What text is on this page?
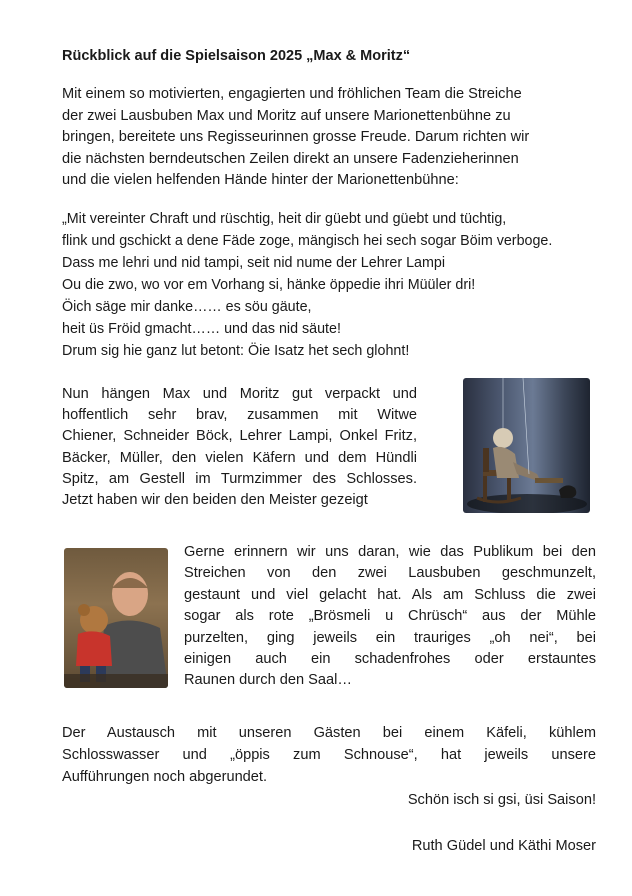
Rückblick auf die Spielsaison 2025 „Max & Moritz“
Mit einem so motivierten, engagierten und fröhlichen Team die Streiche
der zwei Lausbuben Max und Moritz auf unsere Marionettenbühne zu
bringen, bereitete uns Regisseurinnen grosse Freude. Darum richten wir
die nächsten berndeutschen Zeilen direkt an unsere Fadenzieherinnen
und die vielen helfenden Hände hinter der Marionettenbühne:
„Mit vereinter Chraft und rüschtig, heit dir güebt und güebt und tüchtig,
flink und gschickt a dene Fäde zoge, mängisch hei sech sogar Böim verboge.
Dass me lehri und nid tampi, seit nid nume der Lehrer Lampi
Ou die zwo, wo vor em Vorhang si, hänke öppedie ihri Müüler dri!
Öich säge mir danke…… es söu gäute,
heit üs Fröid gmacht…… und das nid säute!
Drum sig hie ganz lut betont: Öie Isatz het sech glohnt!
Nun hängen Max und Moritz gut verpackt und
hoffentlich sehr brav, zusammen mit Witwe
Chiener, Schneider Böck, Lehrer Lampi, Onkel Fritz,
Bäcker, Müller, den vielen Käfern und dem Hündli
Spitz, am Gestell im Turmzimmer des Schlosses.
Jetzt haben wir den beiden den Meister gezeigt
Gerne erinnern wir uns daran, wie das Publikum bei den
Streichen von den zwei Lausbuben geschmunzelt,
gestaunt und viel gelacht hat. Als am Schluss die zwei
sogar als rote „Brösmeli u Chrüsch“ aus der Mühle
purzelten, ging jeweils ein trauriges „oh nei“, bei
einigen auch ein schadenfrohes oder erstauntes
Raunen durch den Saal…
Der Austausch mit unseren Gästen bei einem Käfeli, kühlem
Schlosswasser und „öppis zum Schnouse“, hat jeweils unsere
Aufführungen noch abgerundet.
Schön isch si gsi, üsi Saison!
Ruth Güdel und Käthi Moser
